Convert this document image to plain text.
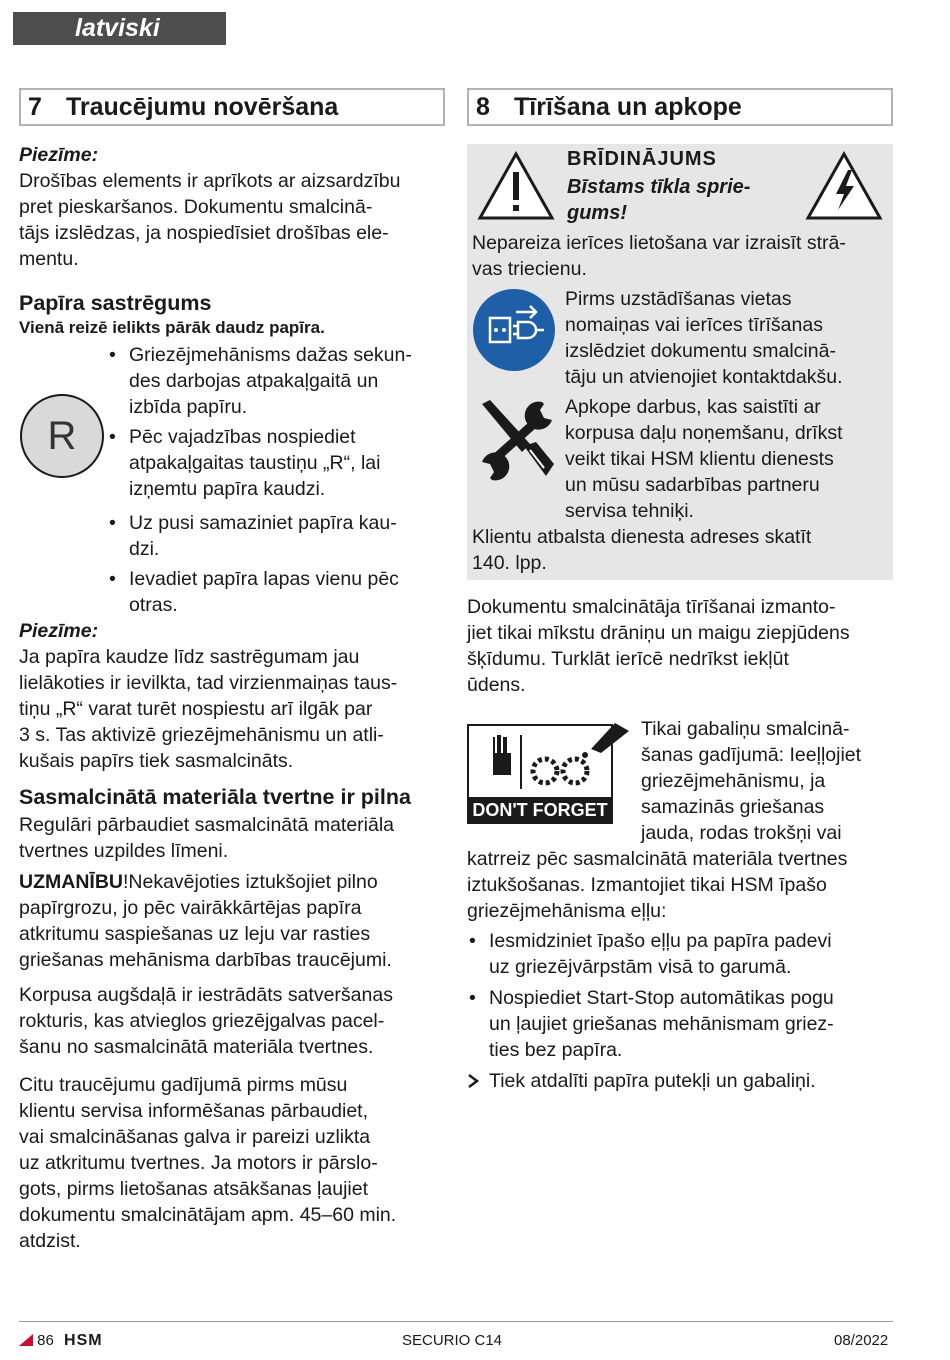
latviski
7 Traucējumu novēršana
Piezīme:
Drošības elements ir aprīkots ar aizsardzību
pret pieskaršanos. Dokumentu smalcinā-
tājs izslēdzas, ja nospiedīsiet drošības ele-
mentu.
Papīra sastrēgums
Vienā reizē ielikts pārāk daudz papīra.
R
• Griezējmehānisms dažas sekun-
des darbojas atpakaļgaitā un
izbīda papīru.
• Pēc vajadzības nospiediet
atpakaļgaitas taustiņu „R“, lai
izņemtu papīra kaudzi.
• Uz pusi samaziniet papīra kau-
dzi.
• Ievadiet papīra lapas vienu pēc
otras.
Piezīme:
Ja papīra kaudze līdz sastrēgumam jau
lielākoties ir ievilkta, tad virzienmaiņas taus-
tiņu „R“ varat turēt nospiestu arī ilgāk par
3 s. Tas aktivizē griezējmehānismu un atli-
kušais papīrs tiek sasmalcināts.
Sasmalcinātā materiāla tvertne ir pilna
Regulāri pārbaudiet sasmalcinātā materiāla
tvertnes uzpildes līmeni.
UZMANĪBU!Nekavējoties iztukšojiet pilno
papīrgrozu, jo pēc vairākkārtējas papīra
atkritumu saspiešanas uz leju var rasties
griešanas mehānisma darbības traucējumi.
Korpusa augšdaļā ir iestrādāts satveršanas
rokturis, kas atvieglos griezējgalvas pacel-
šanu no sasmalcinātā materiāla tvertnes.
Citu traucējumu gadījumā pirms mūsu
klientu servisa informēšanas pārbaudiet,
vai smalcināšanas galva ir pareizi uzlikta
uz atkritumu tvertnes. Ja motors ir pārslo-
gots, pirms lietošanas atsākšanas ļaujiet
dokumentu smalcinātājam apm. 45–60 min.
atdzist.
8 Tīrīšana un apkope
BRĪDINĀJUMS
Bīstams tīkla sprie-
gums!
Nepareiza ierīces lietošana var izraisīt strā-
vas triecienu.
Pirms uzstādīšanas vietas
nomaiņas vai ierīces tīrīšanas
izslēdziet dokumentu smalcinā-
tāju un atvienojiet kontaktdakšu.
Apkope darbus, kas saistīti ar
korpusa daļu noņemšanu, drīkst
veikt tikai HSM klientu dienests
un mūsu sadarbības partneru
servisa tehniķi.
Klientu atbalsta dienesta adreses skatīt
140. lpp.
Dokumentu smalcinātāja tīrīšanai izmanto-
jiet tikai mīkstu drāniņu un maigu ziepjūdens
šķīdumu. Turklāt ierīcē nedrīkst iekļūt
ūdens.
DON'T FORGET
Tikai gabaliņu smalcinā-
šanas gadījumā: Ieeļļojiet
griezējmehānismu, ja
samazinās griešanas
jauda, rodas trokšņi vai
katrreiz pēc sasmalcinātā materiāla tvertnes
iztukšošanas. Izmantojiet tikai HSM īpašo
griezējmehānisma eļļu:
• Iesmidziniet īpašo eļļu pa papīra padevi
uz griezējvārpstām visā to garumā.
• Nospiediet Start-Stop automātikas pogu
un ļaujiet griešanas mehānismam griez-
ties bez papīra.
Tiek atdalīti papīra putekļi un gabaliņi.
86 HSM	SECURIO C14	08/2022
